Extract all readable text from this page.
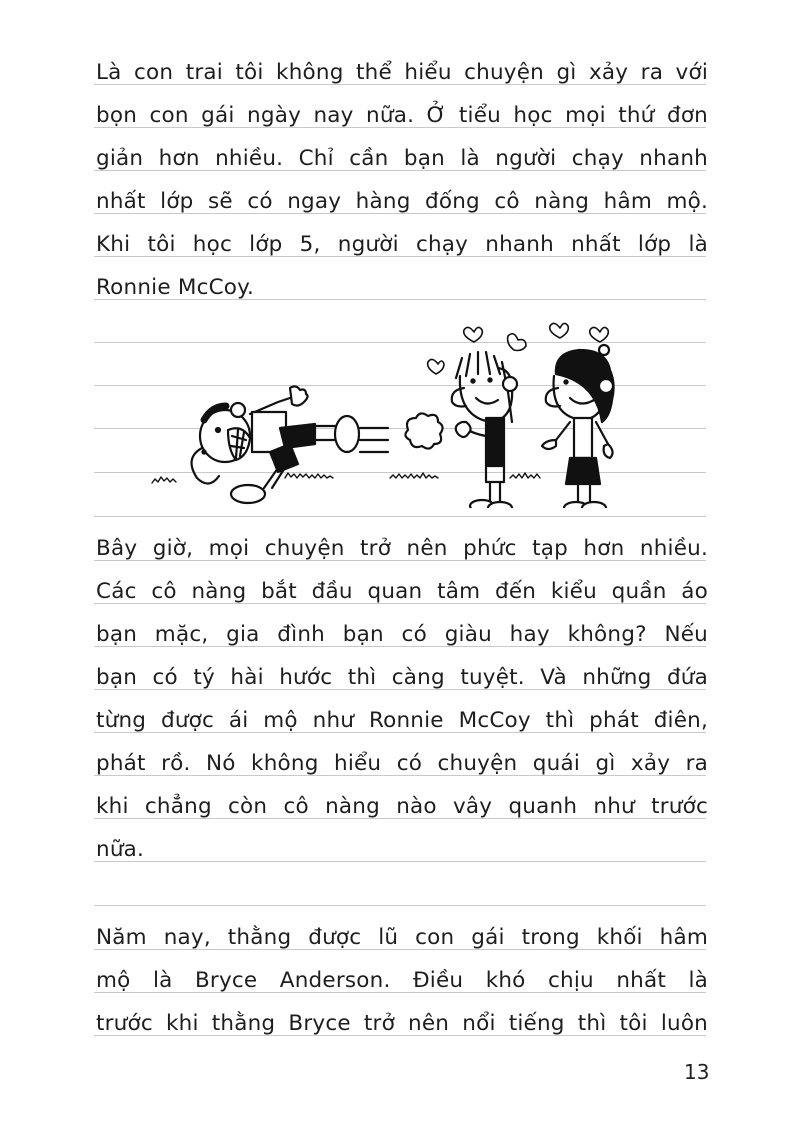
Là con trai tôi không thể hiểu chuyện gì xảy ra với
bọn con gái ngày nay nữa. Ở tiểu học mọi thứ đơn
giản hơn nhiều. Chỉ cần bạn là người chạy nhanh
nhất lớp sẽ có ngay hàng đống cô nàng hâm mộ.
Khi tôi học lớp 5, người chạy nhanh nhất lớp là
Ronnie McCoy.
Bây giờ, mọi chuyện trở nên phức tạp hơn nhiều.
Các cô nàng bắt đầu quan tâm đến kiểu quần áo
bạn mặc, gia đình bạn có giàu hay không? Nếu
bạn có tý hài hước thì càng tuyệt. Và những đứa
từng được ái mộ như Ronnie McCoy thì phát điên,
phát rồ. Nó không hiểu có chuyện quái gì xảy ra
khi chẳng còn cô nàng nào vây quanh như trước
nữa.
Năm nay, thằng được lũ con gái trong khối hâm
mộ là Bryce Anderson. Điều khó chịu nhất là
trước khi thằng Bryce trở nên nổi tiếng thì tôi luôn
13
